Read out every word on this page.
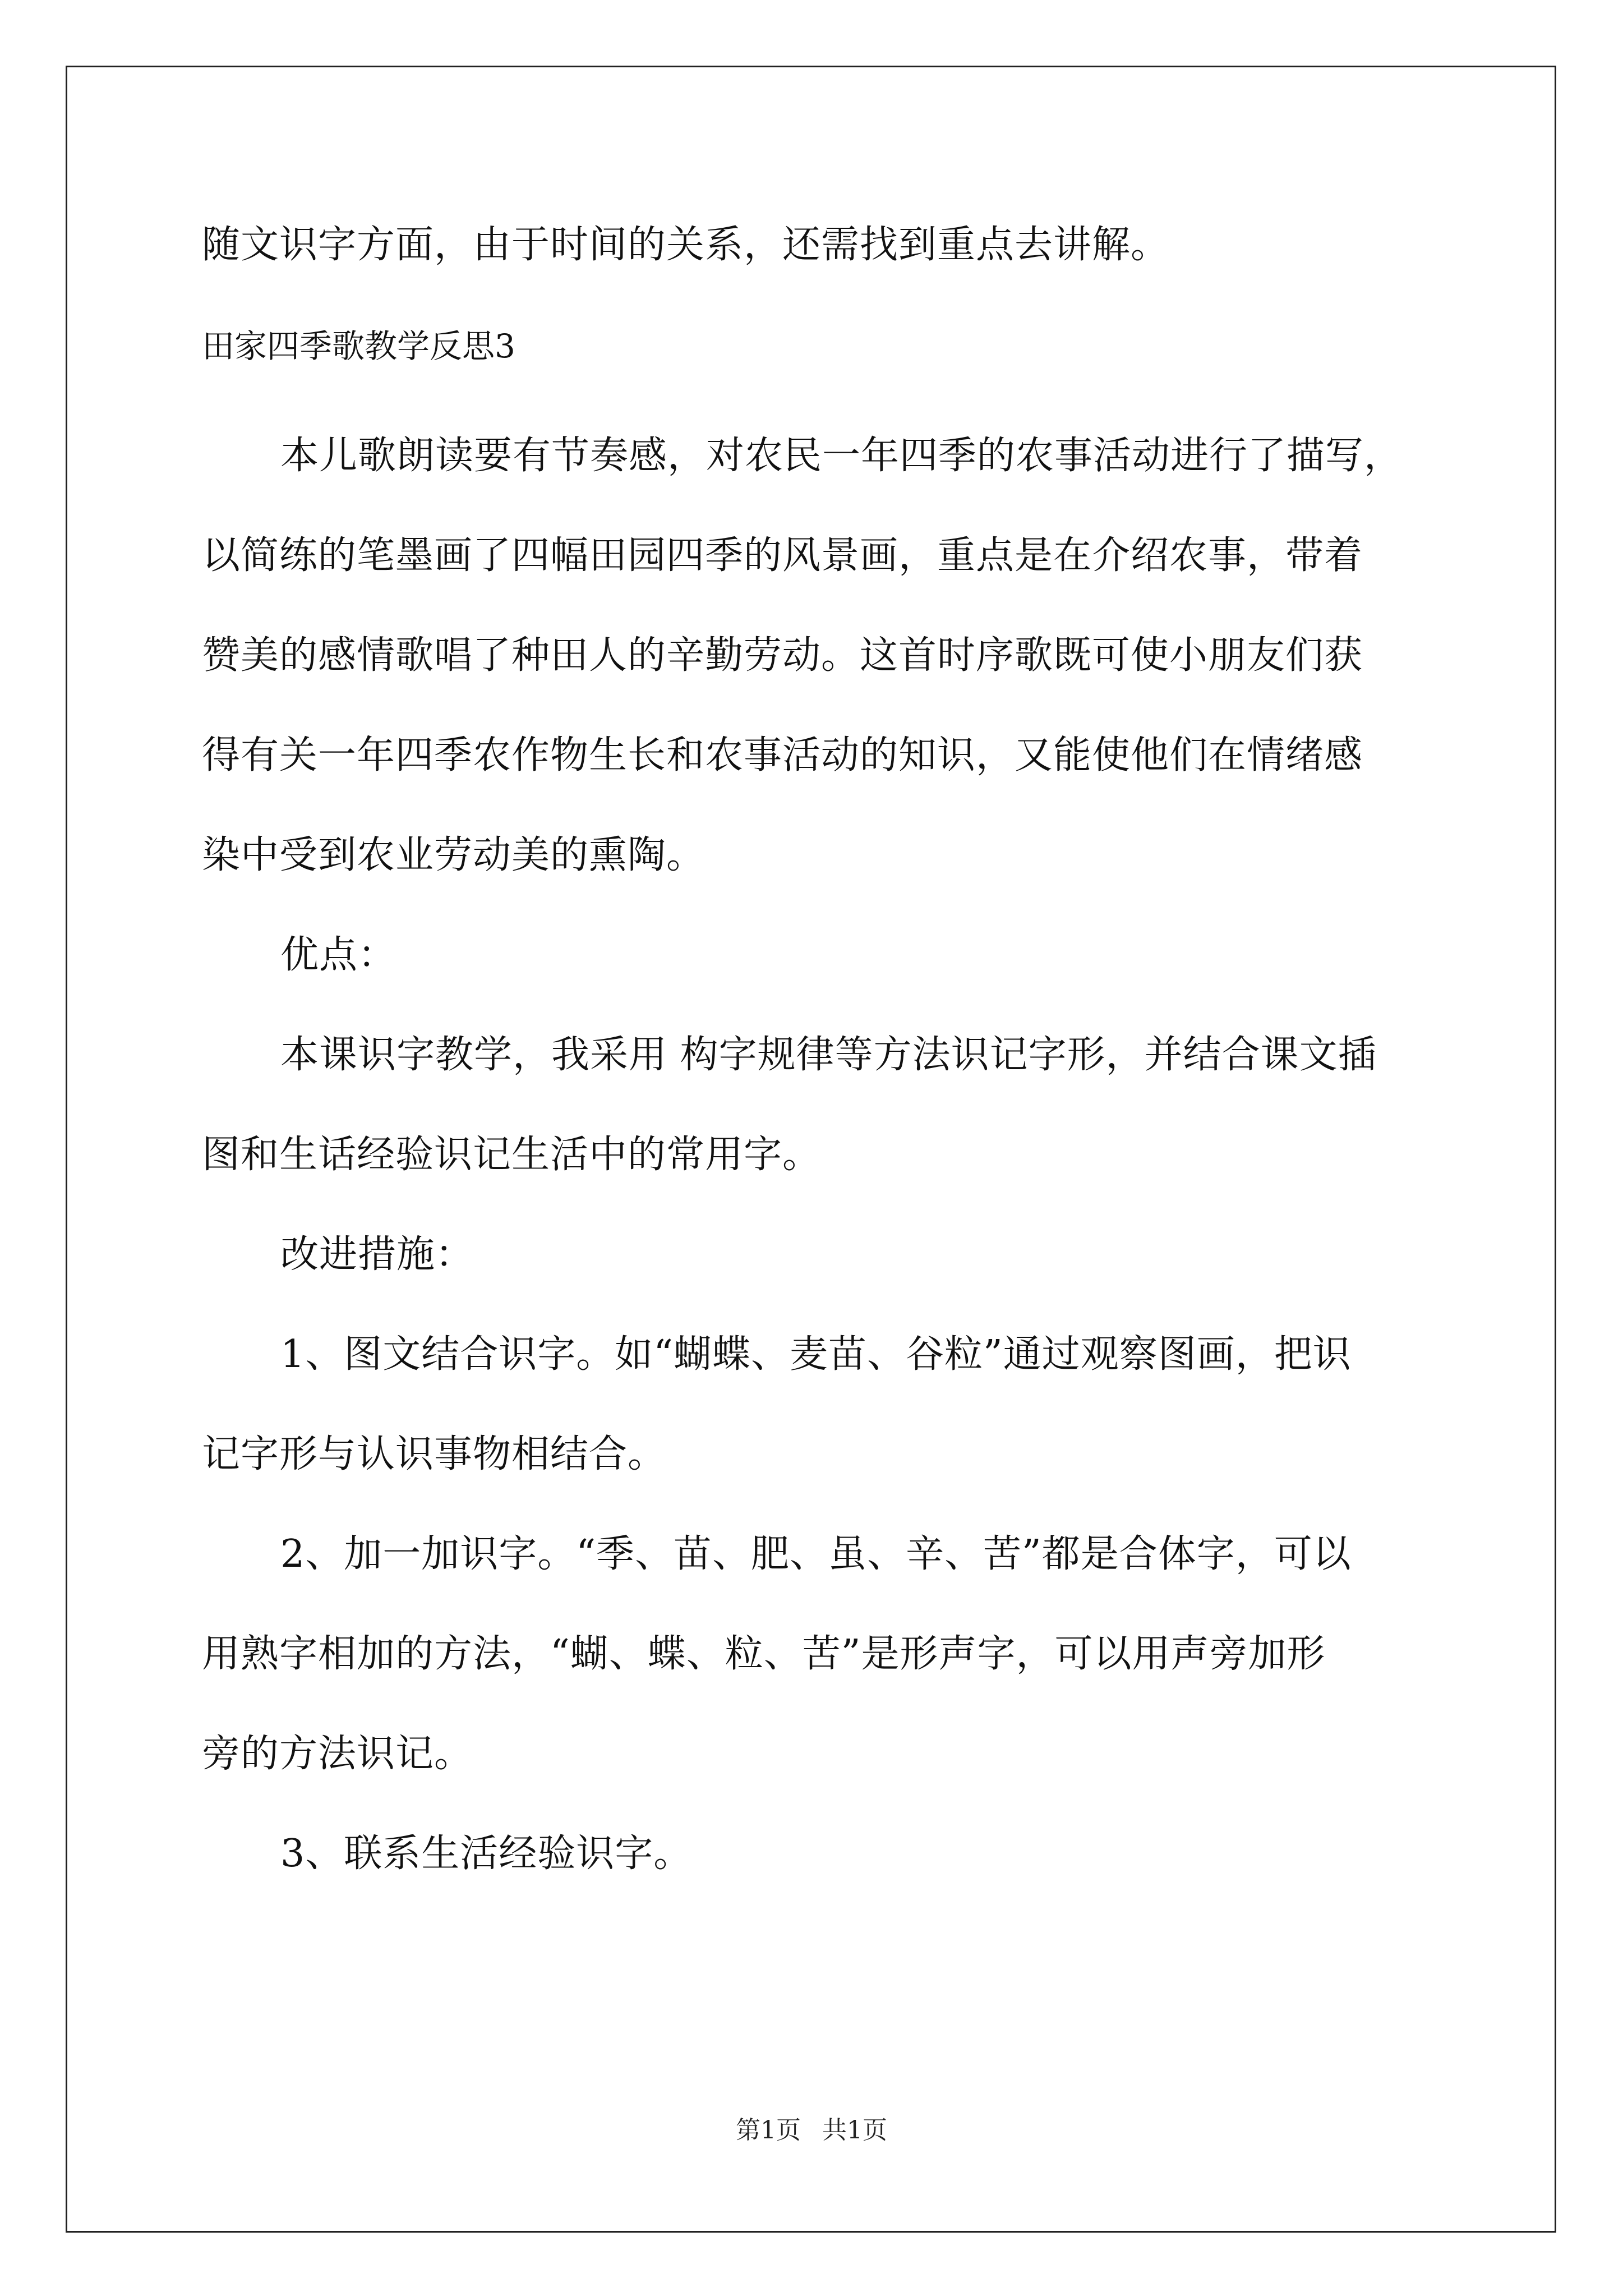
随文识字方面，由于时间的关系，还需找到重点去讲解。
田家四季歌教学反思3
本儿歌朗读要有节奏感，对农民一年四季的农事活动进行了描写，
以简练的笔墨画了四幅田园四季的风景画，重点是在介绍农事，带着
赞美的感情歌唱了种田人的辛勤劳动。这首时序歌既可使小朋友们获
得有关一年四季农作物生长和农事活动的知识，又能使他们在情绪感
染中受到农业劳动美的熏陶。
优点：
本课识字教学，我采用 构字规律等方法识记字形，并结合课文插
图和生话经验识记生活中的常用字。
改进措施：
1、图文结合识字。如“蝴蝶、麦苗、谷粒”通过观察图画，把识
记字形与认识事物相结合。
2、加一加识字。“季、苗、肥、虽、辛、苦”都是合体字，可以
用熟字相加的方法，“蝴、蝶、粒、苦”是形声字，可以用声旁加形
旁的方法识记。
3、联系生活经验识字。
第1页 共1页
